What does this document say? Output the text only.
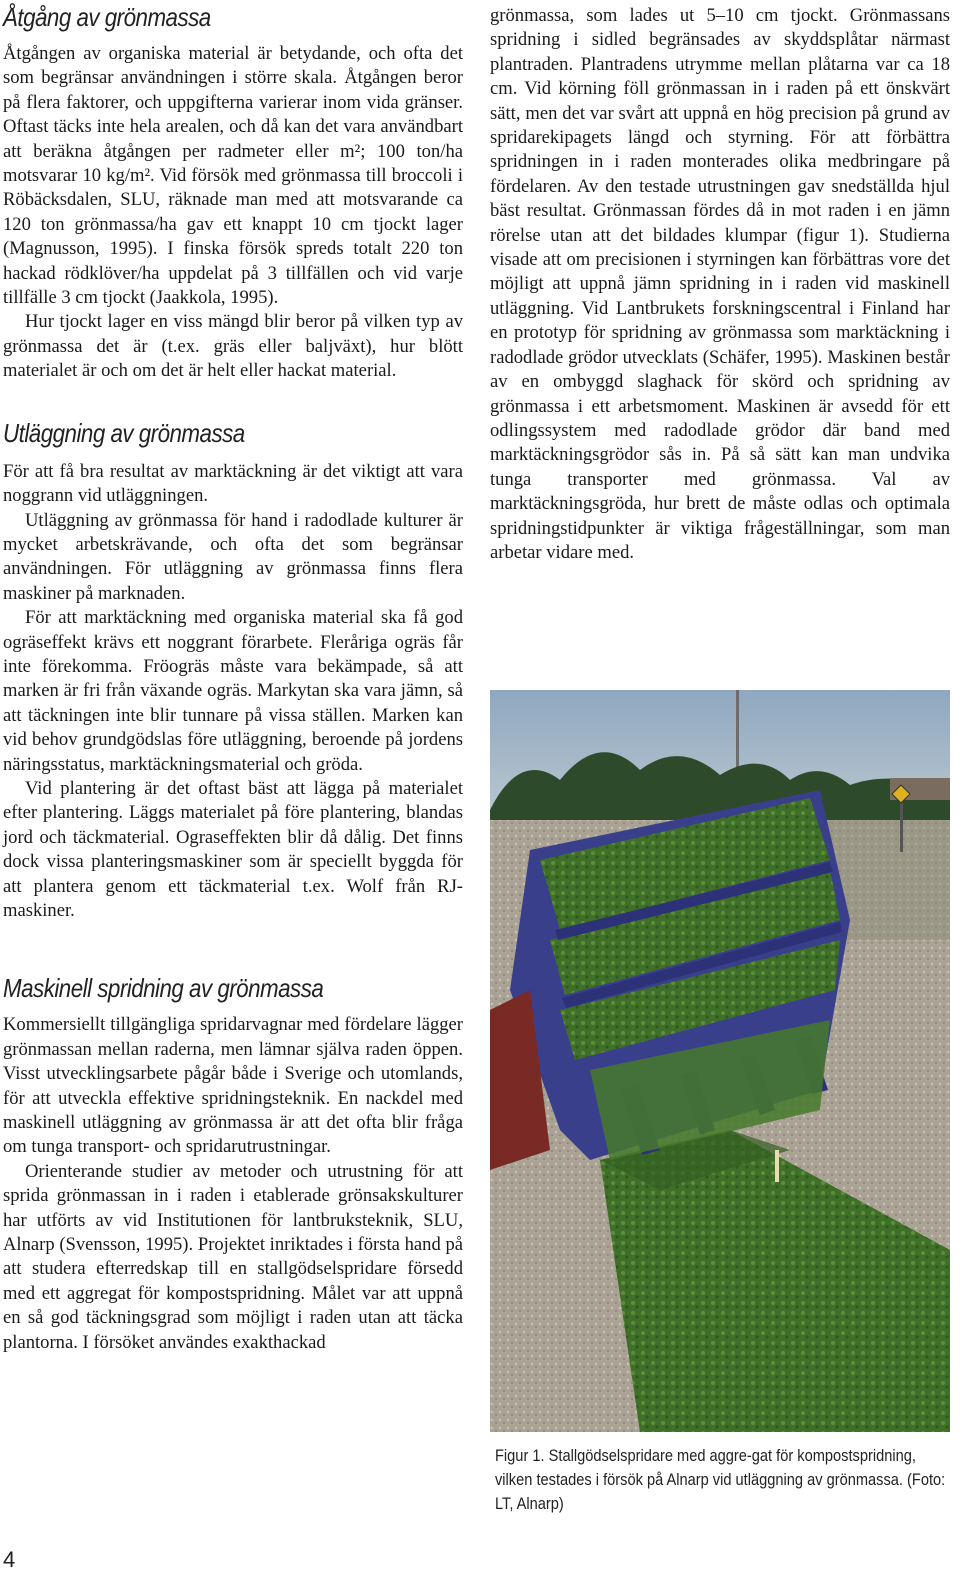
Åtgång av grönmassa

Åtgången av organiska material är betydande, och ofta det som begränsar användningen i större skala. Åtgången beror på flera faktorer, och uppgifterna varierar inom vida gränser. Oftast täcks inte hela arealen, och då kan det vara användbart att beräkna åtgången per radmeter eller m²; 100 ton/ha motsvarar 10 kg/m². Vid försök med grönmassa till broccoli i Röbäcksdalen, SLU, räknade man med att motsvarande ca 120 ton grönmassa/ha gav ett knappt 10 cm tjockt lager (Magnusson, 1995). I finska försök spreds totalt 220 ton hackad rödklöver/ha uppdelat på 3 tillfällen och vid varje tillfälle 3 cm tjockt (Jaakkola, 1995).

Hur tjockt lager en viss mängd blir beror på vilken typ av grönmassa det är (t.ex. gräs eller baljväxt), hur blött materialet är och om det är helt eller hackat material.

Utläggning av grönmassa

För att få bra resultat av marktäckning är det viktigt att vara noggrann vid utläggningen.

Utläggning av grönmassa för hand i radodlade kulturer är mycket arbetskrävande, och ofta det som begränsar användningen. För utläggning av grönmassa finns flera maskiner på marknaden.

För att marktäckning med organiska material ska få god ogräseffekt krävs ett noggrant förarbete. Fleråriga ogräs får inte förekomma. Fröogräs måste vara bekämpade, så att marken är fri från växande ogräs. Markytan ska vara jämn, så att täckningen inte blir tunnare på vissa ställen. Marken kan vid behov grundgödslas före utläggning, beroende på jordens näringsstatus, marktäckningsmaterial och gröda.

Vid plantering är det oftast bäst att lägga på materialet efter plantering. Läggs materialet på före plantering, blandas jord och täckmaterial. Ograseffekten blir då dålig. Det finns dock vissa planteringsmaskiner som är speciellt byggda för att plantera genom ett täckmaterial t.ex. Wolf från RJ-maskiner.

Maskinell spridning av grönmassa

Kommersiellt tillgängliga spridarvagnar med fördelare lägger grönmassan mellan raderna, men lämnar själva raden öppen. Visst utvecklingsarbete pågår både i Sverige och utomlands, för att utveckla effektive spridningsteknik. En nackdel med maskinell utläggning av grönmassa är att det ofta blir fråga om tunga transport- och spridarutrustningar.

Orienterande studier av metoder och utrustning för att sprida grönmassan in i raden i etablerade grönsakskulturer har utförts av vid Institutionen för lantbruksteknik, SLU, Alnarp (Svensson, 1995). Projektet inriktades i första hand på att studera efterredskap till en stallgödselspridare försedd med ett aggregat för kompostspridning. Målet var att uppnå en så god täckningsgrad som möjligt i raden utan att täcka plantorna. I försöket användes exakthackad

grönmassa, som lades ut 5–10 cm tjockt. Grönmassans spridning i sidled begränsades av skyddsplåtar närmast plantraden. Plantradens utrymme mellan plåtarna var ca 18 cm. Vid körning föll grönmassan in i raden på ett önskvärt sätt, men det var svårt att uppnå en hög precision på grund av spridarekipagets längd och styrning. För att förbättra spridningen in i raden monterades olika medbringare på fördelaren. Av den testade utrustningen gav snedställda hjul bäst resultat. Grönmassan fördes då in mot raden i en jämn rörelse utan att det bildades klumpar (figur 1). Studierna visade att om precisionen i styrningen kan förbättras vore det möjligt att uppnå jämn spridning in i raden vid maskinell utläggning. Vid Lantbrukets forskningscentral i Finland har en prototyp för spridning av grönmassa som marktäckning i radodlade grödor utvecklats (Schäfer, 1995). Maskinen består av en ombyggd slaghack för skörd och spridning av grönmassa i ett arbetsmoment. Maskinen är avsedd för ett odlingssystem med radodlade grödor där band med marktäckningsgrödor sås in. På så sätt kan man undvika tunga transporter med grönmassa. Val av marktäckningsgröda, hur brett de måste odlas och optimala spridningstidpunkter är viktiga frågeställningar, som man arbetar vidare med.

Figur 1. Stallgödselspridare med aggre-gat för kompostspridning, vilken testades i försök på Alnarp vid utläggning av grönmassa. (Foto: LT, Alnarp)
4
